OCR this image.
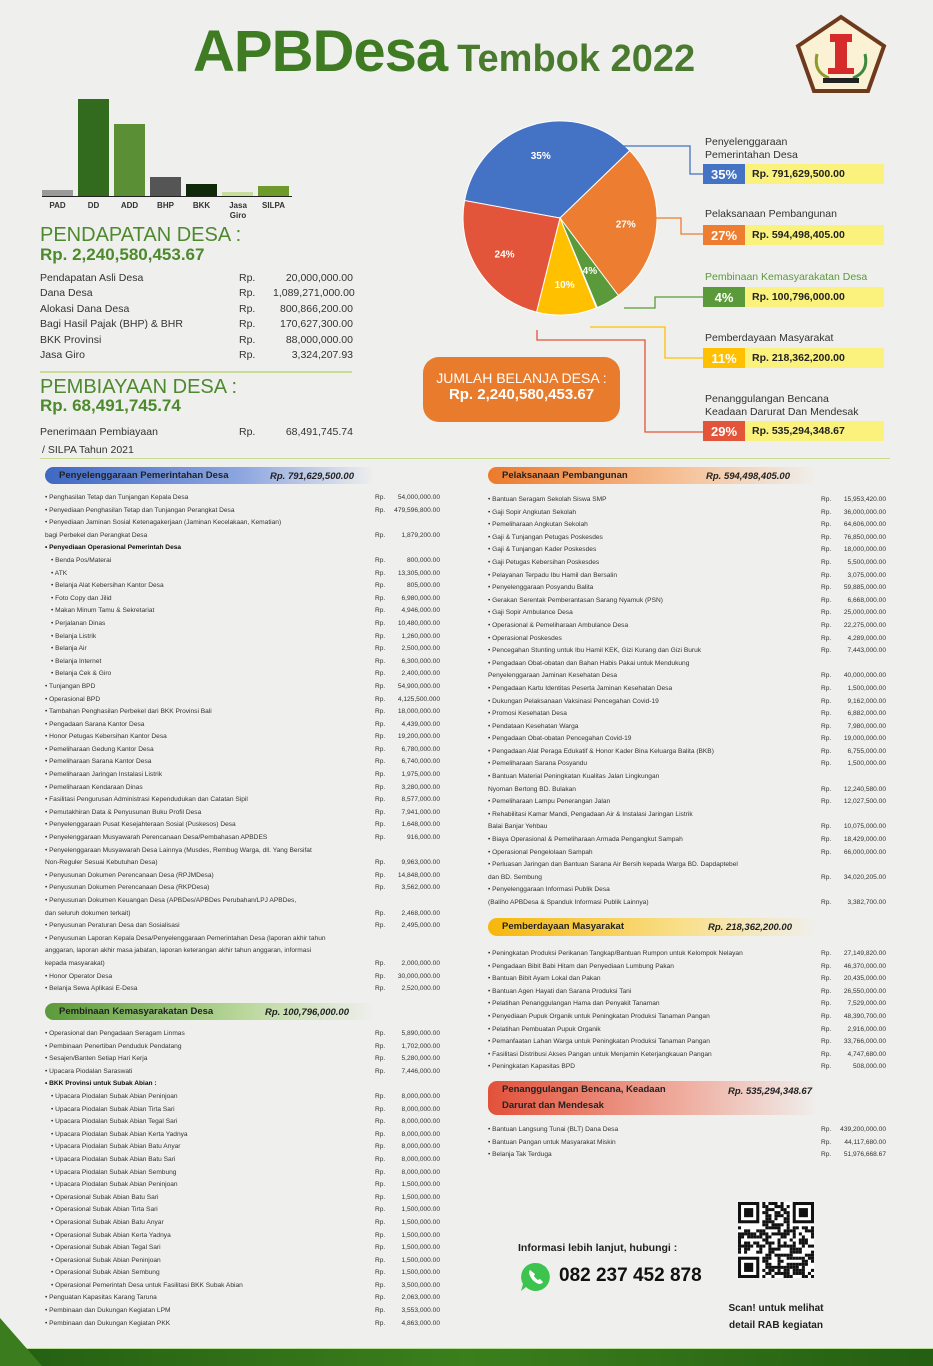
APBDesa Tembok 2022
PAD	DD	ADD	BHP	BKK	Jasa Giro
SILPA
PENDAPATAN DESA :
Rp. 2,240,580,453.67
Pendapatan Asli Desa	Rp.	20,000,000.00
Dana Desa	Rp.	1,089,271,000.00
Alokasi Dana Desa	Rp.	800,866,200.00
Bagi Hasil Pajak (BHP) & BHR	Rp.	170,627,300.00
BKK Provinsi	Rp.	88,000,000.00
Jasa Giro	Rp.	3,324,207.93
PEMBIAYAAN DESA :
Rp. 68,491,745.74
Penerimaan Pembiayaan	Rp.	68,491,745.74
/ SILPA Tahun 2021
35%
27%
4%
10%
24%
Penyelenggaraan
Pemerintahan Desa
35%	Rp. 791,629,500.00
Pelaksanaan Pembangunan
27%	Rp. 594,498,405.00
Pembinaan Kemasyarakatan Desa
4%	Rp. 100,796,000.00
Pemberdayaan Masyarakat
11%	Rp. 218,362,200.00
Penanggulangan Bencana
Keadaan Darurat Dan Mendesak
29%	Rp. 535,294,348.67
JUMLAH BELANJA DESA :
Rp. 2,240,580,453.67
Penyelenggaraan Pemerintahan Desa	Rp. 791,629,500.00
• Penghasilan Tetap dan Tunjangan Kepala Desa	Rp.	54,000,000.00
• Penyediaan Penghasilan Tetap dan Tunjangan Perangkat Desa	Rp.	479,596,800.00
• Penyediaan Jaminan Sosial Ketenagakerjaan (Jaminan Kecelakaan, Kematian)
bagi Perbekel dan Perangkat Desa	Rp.	1,879,200.00
• Penyediaan Operasional Pemerintah Desa
• Benda Pos/Materai	Rp.	800,000.00
• ATK	Rp.	13,305,000.00
• Belanja Alat Kebersihan Kantor Desa	Rp.	805,000.00
• Foto Copy dan Jilid	Rp.	6,980,000.00
• Makan Minum Tamu & Sekretariat	Rp.	4,946,000.00
• Perjalanan Dinas	Rp.	10,480,000.00
• Belanja Listrik	Rp.	1,260,000.00
• Belanja Air	Rp.	2,500,000.00
• Belanja Internet	Rp.	6,300,000.00
• Belanja Cek & Giro	Rp.	2,400,000.00
• Tunjangan BPD	Rp.	54,900,000.00
• Operasional BPD	Rp.	4,125,500.000
• Tambahan Penghasilan Perbekel dari BKK Provinsi Bali	Rp.	18,000,000.00
• Pengadaan Sarana Kantor Desa	Rp.	4,439,000.00
• Honor Petugas Kebersihan Kantor Desa	Rp.	19,200,000.00
• Pemeliharaan Gedung Kantor Desa	Rp.	6,780,000.00
• Pemeliharaan Sarana Kantor Desa	Rp.	6,740,000.00
• Pemeliharaan Jaringan Instalasi Listrik	Rp.	1,975,000.00
• Pemeliharaan Kendaraan Dinas	Rp.	3,280,000.00
• Fasilitasi Pengurusan Administrasi Kependudukan dan Catatan Sipil	Rp.	8,577,000.00
• Pemutakhiran Data & Penyusunan Buku Profil Desa	Rp.	7,941,000.00
• Penyelenggaraan Pusat Kesejahteraan Sosial (Puskesos) Desa	Rp.	1,648,000.00
• Penyelenggaraan Musyawarah Perencanaan Desa/Pembahasan APBDES	Rp.	916,000.00
• Penyelenggaraan Musyawarah Desa Lainnya (Musdes, Rembug Warga, dll. Yang Bersifat
Non-Reguler Sesuai Kebutuhan Desa)	Rp.	9,963,000.00
• Penyusunan Dokumen Perencanaan Desa (RPJMDesa)	Rp.	14,848,000.00
• Penyusunan Dokumen Perencanaan Desa (RKPDesa)	Rp.	3,562,000.00
• Penyusunan Dokumen Keuangan Desa (APBDes/APBDes Perubahan/LPJ APBDes,
dan seluruh dokumen terkait)	Rp.	2,468,000.00
• Penyusunan Peraturan Desa dan Sosialisasi	Rp.	2,495,000.00
• Penyusunan Laporan Kepala Desa/Penyelenggaraan Pemerintahan Desa (laporan akhir tahun
anggaran, laporan akhir masa jabatan, laporan keterangan akhir tahun anggaran, informasi
kepada masyarakat)	Rp.	2,000,000.00
• Honor Operator Desa	Rp.	30,000,000.00
• Belanja Sewa Aplikasi E-Desa	Rp.	2,520,000.00
Pembinaan Kemasyarakatan Desa	Rp. 100,796,000.00
• Operasional dan Pengadaan Seragam Linmas	Rp.	5,890,000.00
• Pembinaan Penertiban Penduduk Pendatang	Rp.	1,702,000.00
• Sesajen/Banten Setiap Hari Kerja	Rp.	5,280,000.00
• Upacara Piodalan Saraswati	Rp.	7,446,000.00
• BKK Provinsi untuk Subak Abian :
• Upacara Piodalan Subak Abian Peninjoan	Rp.	8,000,000.00
• Upacara Piodalan Subak Abian Tirta Sari	Rp.	8,000,000.00
• Upacara Piodalan Subak Abian Tegal Sari	Rp.	8,000,000.00
• Upacara Piodalan Subak Abian Kerta Yadnya	Rp.	8,000,000.00
• Upacara Piodalan Subak Abian Batu Anyar	Rp.	8,000,000.00
• Upacara Piodalan Subak Abian Batu Sari	Rp.	8,000,000.00
• Upacara Piodalan Subak Abian Sembung	Rp.	8,000,000.00
• Upacara Piodalan Subak Abian Peninjoan	Rp.	1,500,000.00
• Operasional Subak Abian Batu Sari	Rp.	1,500,000.00
• Operasional Subak Abian Tirta Sari	Rp.	1,500,000.00
• Operasional Subak Abian Batu Anyar	Rp.	1,500,000.00
• Operasional Subak Abian Kerta Yadnya	Rp.	1,500,000.00
• Operasional Subak Abian Tegal Sari	Rp.	1,500,000.00
• Operasional Subak Abian Peninjoan	Rp.	1,500,000.00
• Operasional Subak Abian Sembung	Rp.	1,500,000.00
• Operasional Pemerintah Desa untuk Fasilitasi BKK Subak Abian	Rp.	3,500,000.00
• Penguatan Kapasitas Karang Taruna	Rp.	2,063,000.00
• Pembinaan dan Dukungan Kegiatan LPM	Rp.	3,553,000.00
• Pembinaan dan Dukungan Kegiatan PKK	Rp.	4,863,000.00
Pelaksanaan Pembangunan	Rp. 594,498,405.00
• Bantuan Seragam Sekolah Siswa SMP	Rp.	15,953,420.00
• Gaji Sopir Angkutan Sekolah	Rp.	36,000,000.00
• Pemeliharaan Angkutan Sekolah	Rp.	64,606,000.00
• Gaji & Tunjangan Petugas Poskesdes	Rp.	76,850,000.00
• Gaji & Tunjangan Kader Poskesdes	Rp.	18,000,000.00
• Gaji Petugas Kebersihan Poskesdes	Rp.	5,500,000.00
• Pelayanan Terpadu Ibu Hamil dan Bersalin	Rp.	3,075,000.00
• Penyelenggaraan Posyandu Balita	Rp.	59,885,000.00
• Gerakan Serentak Pemberantasan Sarang Nyamuk (PSN)	Rp.	6,668,000.00
• Gaji Sopir Ambulance Desa	Rp.	25,000,000.00
• Operasional & Pemeliharaan Ambulance Desa	Rp.	22,275,000.00
• Operasional Poskesdes	Rp.	4,289,000.00
• Pencegahan Stunting untuk Ibu Hamil KEK, Gizi Kurang dan Gizi Buruk	Rp.	7,443,000.00
• Pengadaan Obat-obatan dan Bahan Habis Pakai untuk Mendukung
Penyelenggaraan Jaminan Kesehatan Desa	Rp.	40,000,000.00
• Pengadaan Kartu Identitas Peserta Jaminan Kesehatan Desa	Rp.	1,500,000.00
• Dukungan Pelaksanaan Vaksinasi Pencegahan Covid-19	Rp.	9,162,000.00
• Promosi Kesehatan Desa	Rp.	6,882,000.00
• Pendataan Kesehatan Warga	Rp.	7,980,000.00
• Pengadaan Obat-obatan Pencegahan Covid-19	Rp.	19,000,000.00
• Pengadaan Alat Peraga Edukatif & Honor Kader Bina Keluarga Balita (BKB)	Rp.	6,755,000.00
• Pemeliharaan Sarana Posyandu	Rp.	1,500,000.00
• Bantuan Material Peningkatan Kualitas Jalan Lingkungan
Nyoman Bertong BD. Bulakan	Rp.	12,240,580.00
• Pemeliharaan Lampu Penerangan Jalan	Rp.	12,027,500.00
• Rehabilitasi Kamar Mandi, Pengadaan Air & Instalasi Jaringan Listrik
Balai Banjar Yehbau	Rp.	10,075,000.00
• Biaya Operasional & Pemeliharaan Armada Pengangkut Sampah	Rp.	18,429,000.00
• Operasional Pengelolaan Sampah	Rp.	66,000,000.00
• Perluasan Jaringan dan Bantuan Sarana Air Bersih kepada Warga BD. Dapdaptebel
dan BD. Sembung	Rp.	34,020,205.00
• Penyelenggaraan Informasi Publik Desa
(Baliho APBDesa & Spanduk Informasi Publik Lainnya)	Rp.	3,382,700.00
Pemberdayaan Masyarakat	Rp. 218,362,200.00
• Peningkatan Produksi Perikanan Tangkap/Bantuan Rumpon untuk Kelompok Nelayan	Rp.	27,149,820.00
• Pengadaan Bibit Babi Hitam dan Penyediaan Lumbung Pakan	Rp.	46,370,000.00
• Bantuan Bibit Ayam Lokal dan Pakan	Rp.	20,435,000.00
• Bantuan Agen Hayati dan Sarana Produksi Tani	Rp.	26,550,000.00
• Pelatihan Penanggulangan Hama dan Penyakit Tanaman	Rp.	7,529,000.00
• Penyediaan Pupuk Organik untuk Peningkatan Produksi Tanaman Pangan	Rp.	48,390,700.00
• Pelatihan Pembuatan Pupuk Organik	Rp.	2,916,000.00
• Pemanfaatan Lahan Warga untuk Peningkatan Produksi Tanaman Pangan	Rp.	33,766,000.00
• Fasilitasi Distribusi Akses Pangan untuk Menjamin Keterjangkauan Pangan	Rp.	4,747,680.00
• Peningkatan Kapasitas BPD	Rp.	508,000.00
Penanggulangan Bencana, Keadaan
Darurat dan Mendesak
Rp. 535,294,348.67
• Bantuan Langsung Tunai (BLT) Dana Desa	Rp.	439,200,000.00
• Bantuan Pangan untuk Masyarakat Miskin	Rp.	44,117,680.00
• Belanja Tak Terduga	Rp.	51,976,668.67
Informasi lebih lanjut, hubungi :
082 237 452 878
Scan! untuk melihat
detail RAB kegiatan
